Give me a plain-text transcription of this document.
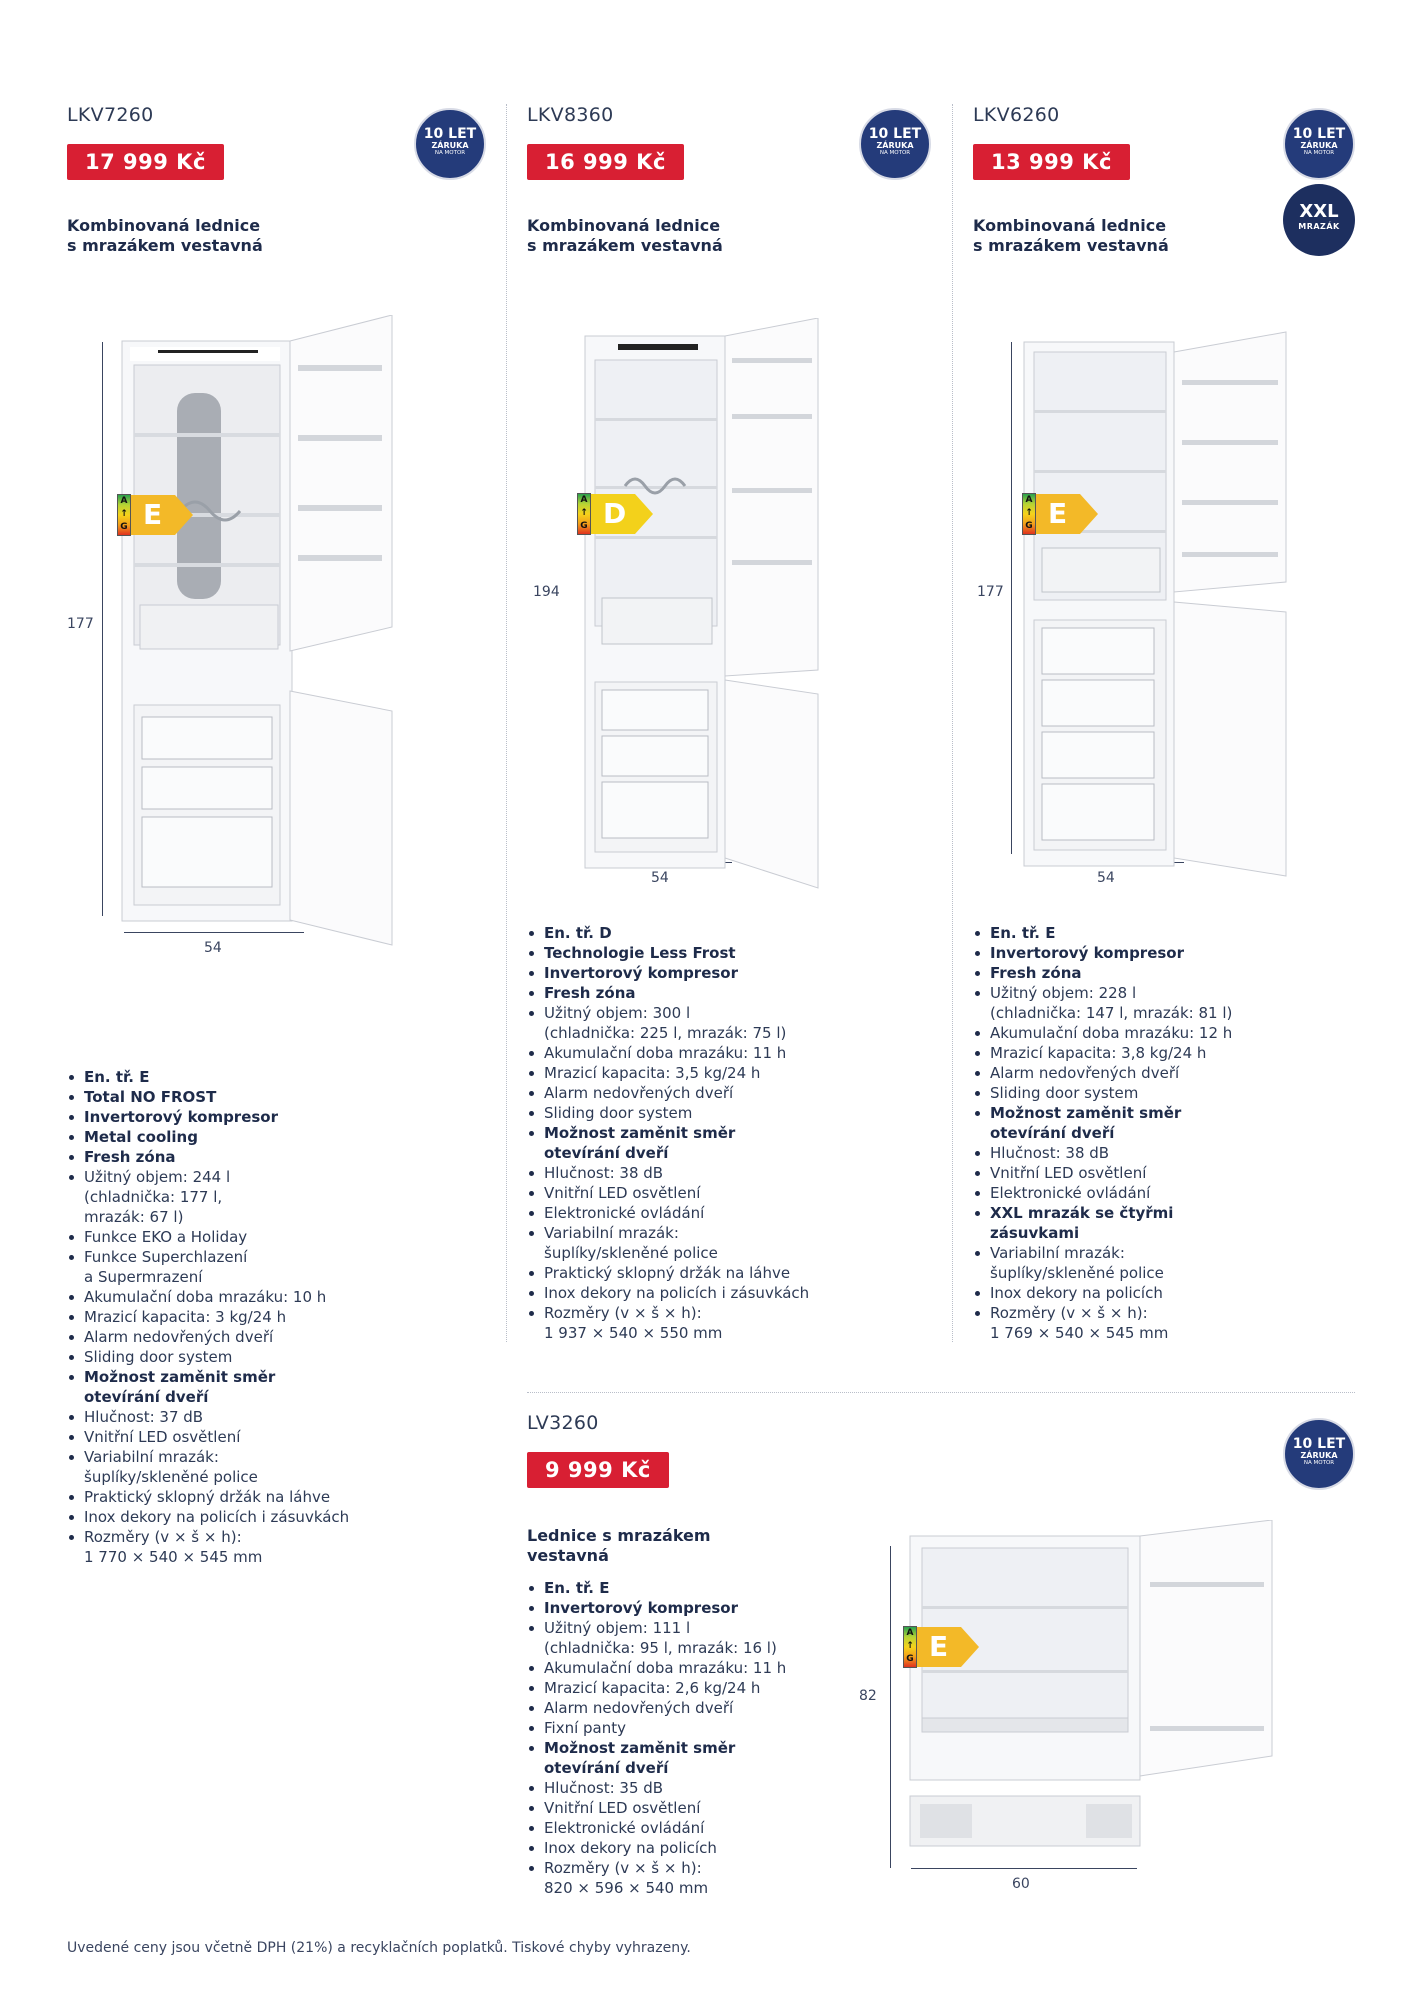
LKV7260
17 999 Kč
10 LET
ZÁRUKA
NA MOTOR
Kombinovaná lednice
s mrazákem vestavná
177
54
A
↑
G E
En. tř. E
Total NO FROST
Invertorový kompresor
Metal cooling
Fresh zóna
Užitný objem: 244 l
(chladnička: 177 l,
mrazák: 67 l)
Funkce EKO a Holiday
Funkce Superchlazení
a Supermrazení
Akumulační doba mrazáku: 10 h
Mrazicí kapacita: 3 kg/24 h
Alarm nedovřených dveří
Sliding door system
Možnost zaměnit směr
otevírání dveří
Hlučnost: 37 dB
Vnitřní LED osvětlení
Variabilní mrazák:
šuplíky/skleněné police
Praktický sklopný držák na láhve
Inox dekory na policích i zásuvkách
Rozměry (v × š × h):
1 770 × 540 × 545 mm
LKV8360
16 999 Kč
10 LET
ZÁRUKA
NA MOTOR
Kombinovaná lednice
s mrazákem vestavná
194
54
A
↑
G D
En. tř. D
Technologie Less Frost
Invertorový kompresor
Fresh zóna
Užitný objem: 300 l
(chladnička: 225 l, mrazák: 75 l)
Akumulační doba mrazáku: 11 h
Mrazicí kapacita: 3,5 kg/24 h
Alarm nedovřených dveří
Sliding door system
Možnost zaměnit směr
otevírání dveří
Hlučnost: 38 dB
Vnitřní LED osvětlení
Elektronické ovládání
Variabilní mrazák:
šuplíky/skleněné police
Praktický sklopný držák na láhve
Inox dekory na policích i zásuvkách
Rozměry (v × š × h):
1 937 × 540 × 550 mm
LKV6260
13 999 Kč
10 LET
ZÁRUKA
NA MOTOR
XXL
MRAZÁK
Kombinovaná lednice
s mrazákem vestavná
177
54
A
↑
G E
En. tř. E
Invertorový kompresor
Fresh zóna
Užitný objem: 228 l
(chladnička: 147 l, mrazák: 81 l)
Akumulační doba mrazáku: 12 h
Mrazicí kapacita: 3,8 kg/24 h
Alarm nedovřených dveří
Sliding door system
Možnost zaměnit směr
otevírání dveří
Hlučnost: 38 dB
Vnitřní LED osvětlení
Elektronické ovládání
XXL mrazák se čtyřmi
zásuvkami
Variabilní mrazák:
šuplíky/skleněné police
Inox dekory na policích
Rozměry (v × š × h):
1 769 × 540 × 545 mm
LV3260
9 999 Kč
10 LET
ZÁRUKA
NA MOTOR
Lednice s mrazákem
vestavná
En. tř. E
Invertorový kompresor
Užitný objem: 111 l
(chladnička: 95 l, mrazák: 16 l)
Akumulační doba mrazáku: 11 h
Mrazicí kapacita: 2,6 kg/24 h
Alarm nedovřených dveří
Fixní panty
Možnost zaměnit směr
otevírání dveří
Hlučnost: 35 dB
Vnitřní LED osvětlení
Elektronické ovládání
Inox dekory na policích
Rozměry (v × š × h):
820 × 596 × 540 mm
82
60
A
↑
G E
Uvedené ceny jsou včetně DPH (21%) a recyklačních poplatků. Tiskové chyby vyhrazeny.
